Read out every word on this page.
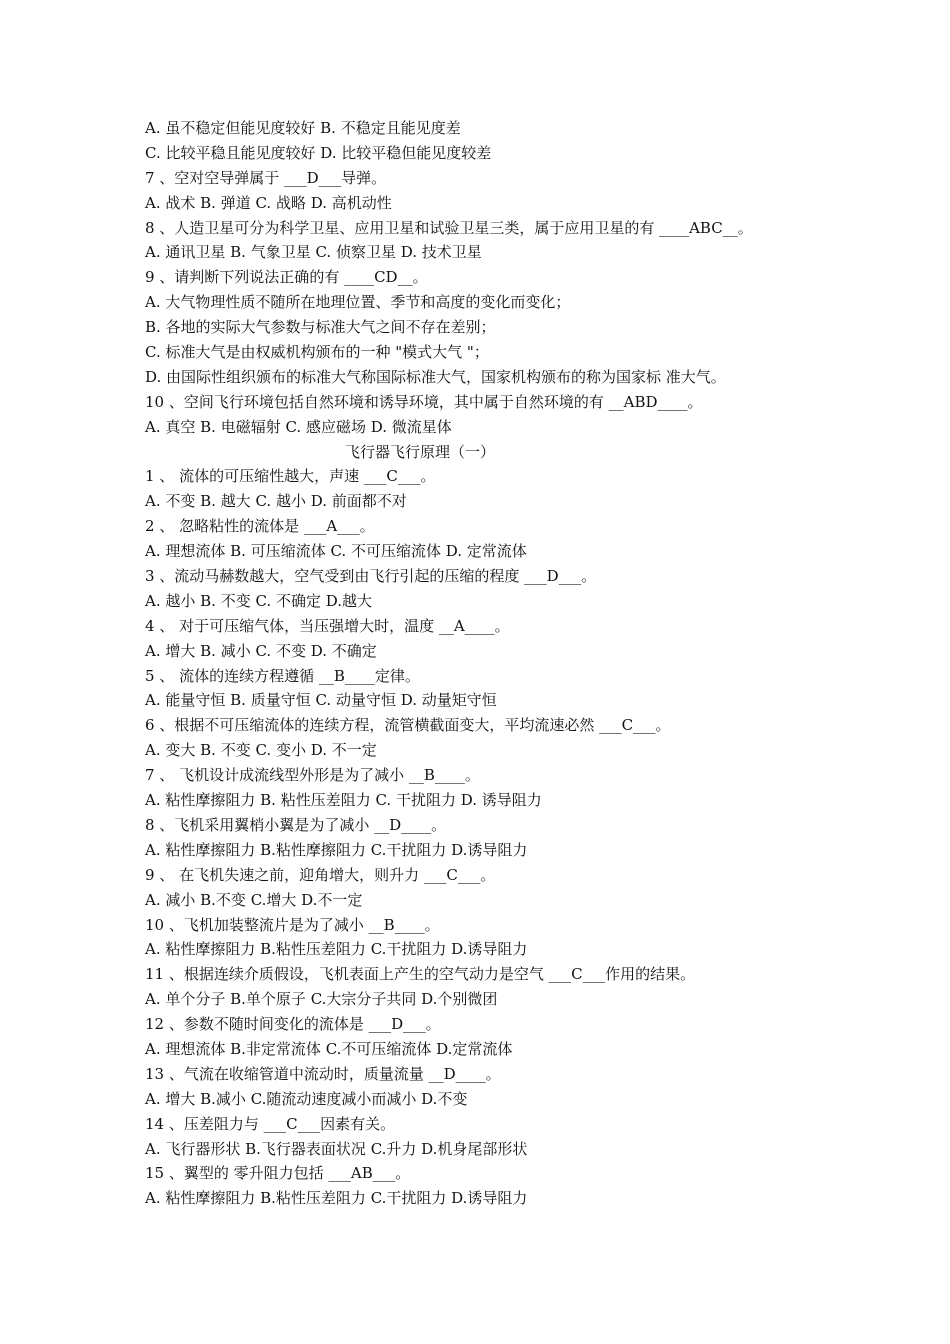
A. 虽不稳定但能见度较好 B. 不稳定且能见度差
C. 比较平稳且能见度较好 D. 比较平稳但能见度较差
7 、空对空导弹属于 ___D___导弹。
A. 战术 B. 弹道 C. 战略 D. 高机动性
8 、人造卫星可分为科学卫星、应用卫星和试验卫星三类，属于应用卫星的有 ____ABC__。
A. 通讯卫星 B. 气象卫星 C. 侦察卫星 D. 技术卫星
9 、请判断下列说法正确的有 ____CD__。
A. 大气物理性质不随所在地理位置、季节和高度的变化而变化；
B. 各地的实际大气参数与标准大气之间不存在差别；
C. 标准大气是由权威机构颁布的一种 "模式大气 "；
D. 由国际性组织颁布的标准大气称国际标准大气，国家机构颁布的称为国家标 准大气。
10 、空间飞行环境包括自然环境和诱导环境，其中属于自然环境的有 __ABD____。
A. 真空 B. 电磁辐射 C. 感应磁场 D. 微流星体
飞行器飞行原理（一）
1 、 流体的可压缩性越大，声速 ___C___。
A. 不变 B. 越大 C. 越小 D. 前面都不对
2 、 忽略粘性的流体是 ___A___。
A. 理想流体 B. 可压缩流体 C. 不可压缩流体 D. 定常流体
3 、流动马赫数越大，空气受到由飞行引起的压缩的程度 ___D___。
A. 越小 B. 不变 C. 不确定 D.越大
4 、 对于可压缩气体，当压强增大时，温度 __A____。
A. 增大 B. 减小 C. 不变 D. 不确定
5 、 流体的连续方程遵循 __B____定律。
A. 能量守恒 B. 质量守恒 C. 动量守恒 D. 动量矩守恒
6 、根据不可压缩流体的连续方程，流管横截面变大，平均流速必然 ___C___。
A. 变大 B. 不变 C. 变小 D. 不一定
7 、 飞机设计成流线型外形是为了减小 __B____。
A. 粘性摩擦阻力 B. 粘性压差阻力 C. 干扰阻力 D. 诱导阻力
8 、飞机采用翼梢小翼是为了减小 __D____。
A. 粘性摩擦阻力 B.粘性摩擦阻力 C.干扰阻力 D.诱导阻力
9 、 在飞机失速之前，迎角增大，则升力 ___C___。
A. 减小 B.不变 C.增大 D.不一定
10 、飞机加装整流片是为了减小 __B____。
A. 粘性摩擦阻力 B.粘性压差阻力 C.干扰阻力 D.诱导阻力
11 、根据连续介质假设，飞机表面上产生的空气动力是空气 ___C___作用的结果。
A. 单个分子 B.单个原子 C.大宗分子共同 D.个别微团
12 、参数不随时间变化的流体是 ___D___。
A. 理想流体 B.非定常流体 C.不可压缩流体 D.定常流体
13 、气流在收缩管道中流动时，质量流量 __D____。
A. 增大 B.减小 C.随流动速度减小而减小 D.不变
14 、压差阻力与 ___C___因素有关。
A. 飞行器形状 B.飞行器表面状况 C.升力 D.机身尾部形状
15 、翼型的 零升阻力包括 ___AB___。
A. 粘性摩擦阻力 B.粘性压差阻力 C.干扰阻力 D.诱导阻力
